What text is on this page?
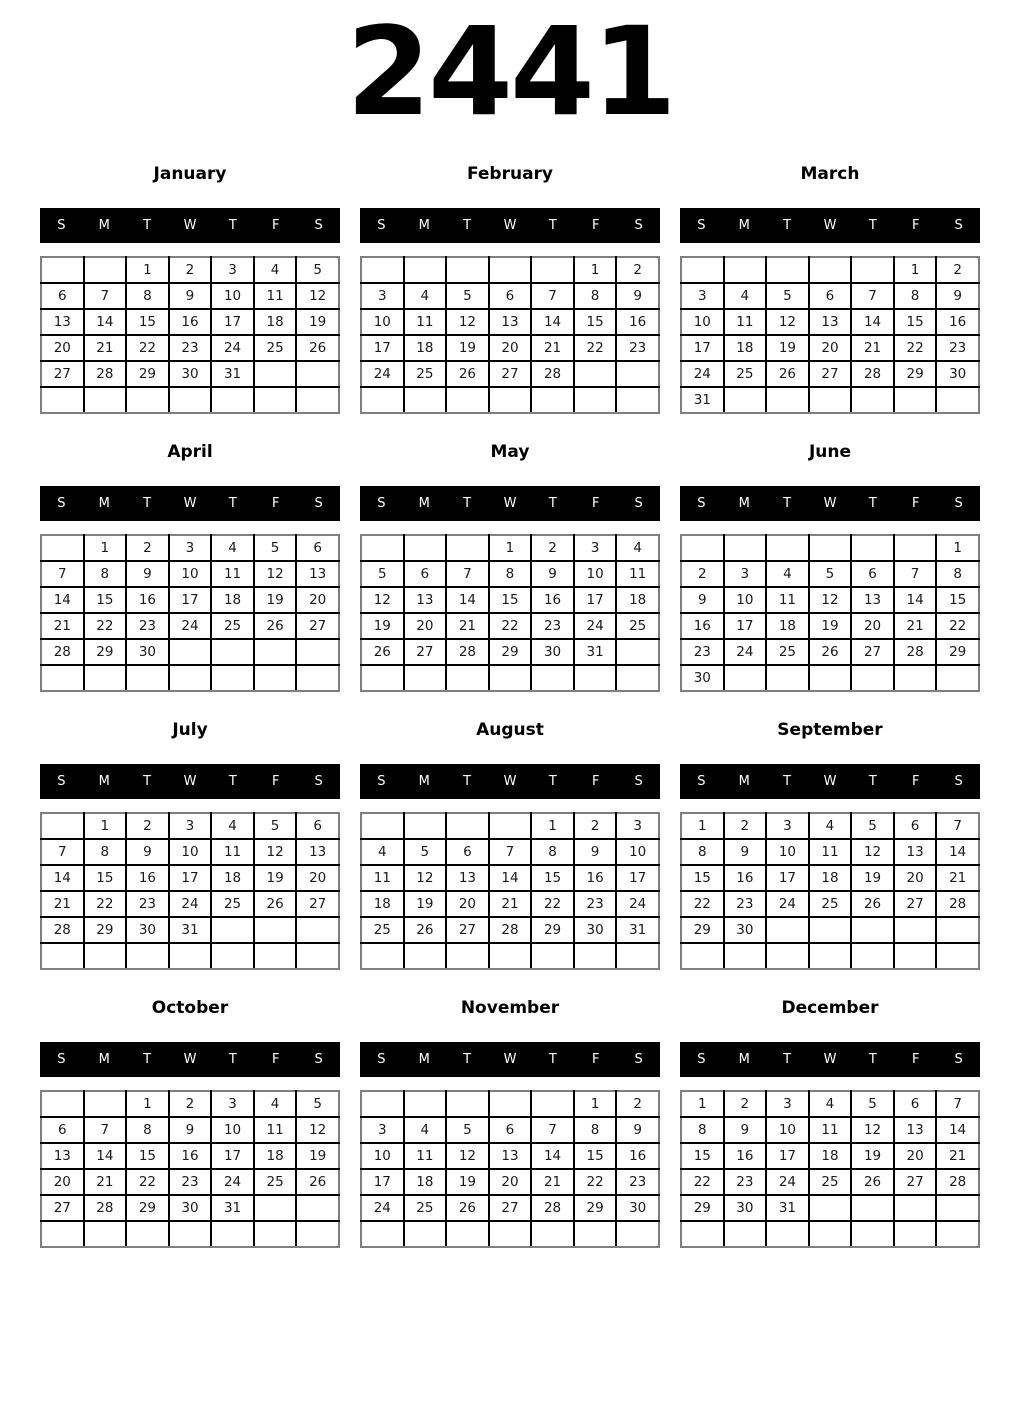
2441
January
S	M	T	W	T	F	S
		1	2	3	4	5
6	7	8	9	10	11	12
13	14	15	16	17	18	19
20	21	22	23	24	25	26
27	28	29	30	31		

February
S	M	T	W	T	F	S
					1	2
3	4	5	6	7	8	9
10	11	12	13	14	15	16
17	18	19	20	21	22	23
24	25	26	27	28		

March
S	M	T	W	T	F	S
					1	2
3	4	5	6	7	8	9
10	11	12	13	14	15	16
17	18	19	20	21	22	23
24	25	26	27	28	29	30
31						
April
S	M	T	W	T	F	S
	1	2	3	4	5	6
7	8	9	10	11	12	13
14	15	16	17	18	19	20
21	22	23	24	25	26	27
28	29	30				

May
S	M	T	W	T	F	S
			1	2	3	4
5	6	7	8	9	10	11
12	13	14	15	16	17	18
19	20	21	22	23	24	25
26	27	28	29	30	31	

June
S	M	T	W	T	F	S
						1
2	3	4	5	6	7	8
9	10	11	12	13	14	15
16	17	18	19	20	21	22
23	24	25	26	27	28	29
30						
July
S	M	T	W	T	F	S
	1	2	3	4	5	6
7	8	9	10	11	12	13
14	15	16	17	18	19	20
21	22	23	24	25	26	27
28	29	30	31			

August
S	M	T	W	T	F	S
				1	2	3
4	5	6	7	8	9	10
11	12	13	14	15	16	17
18	19	20	21	22	23	24
25	26	27	28	29	30	31

September
S	M	T	W	T	F	S
1	2	3	4	5	6	7
8	9	10	11	12	13	14
15	16	17	18	19	20	21
22	23	24	25	26	27	28
29	30					

October
S	M	T	W	T	F	S
		1	2	3	4	5
6	7	8	9	10	11	12
13	14	15	16	17	18	19
20	21	22	23	24	25	26
27	28	29	30	31		

November
S	M	T	W	T	F	S
					1	2
3	4	5	6	7	8	9
10	11	12	13	14	15	16
17	18	19	20	21	22	23
24	25	26	27	28	29	30

December
S	M	T	W	T	F	S
1	2	3	4	5	6	7
8	9	10	11	12	13	14
15	16	17	18	19	20	21
22	23	24	25	26	27	28
29	30	31				
